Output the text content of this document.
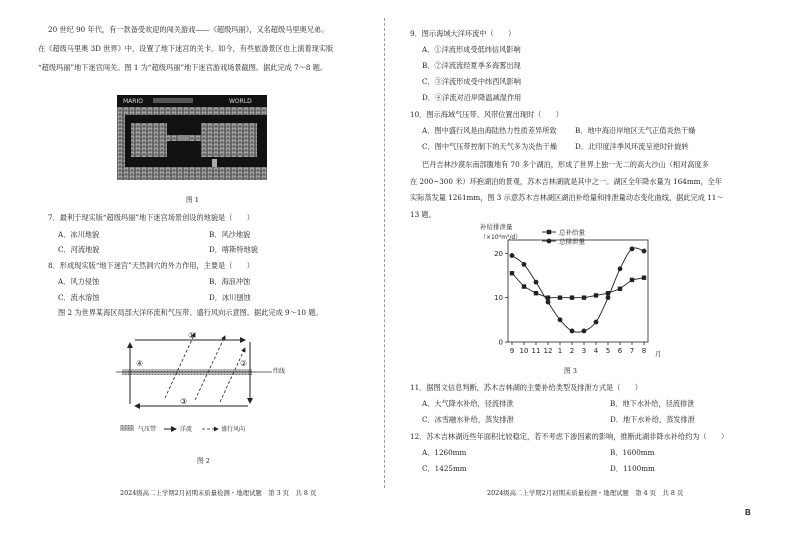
20 世纪 90 年代，有一款备受欢迎的闯关游戏——《超级玛丽》，又名超级马里奥兄弟。
在《超级马里奥 3D 世界》中，设置了地下迷宫的关卡。如今，有些旅游景区也上演着现实版
“超级玛丽”地下迷宫闯关。图 1 为“超级玛丽”地下迷宫游戏场景截图。据此完成 7～8 题。
MARIO	WORLD
图 1
7．最利于现实版“超级玛丽”地下迷宫场景创设的地貌是（　　）
A．冰川地貌	B．风沙地貌
C．河流地貌	D．喀斯特地貌
8．形成现实版“地下迷宫”天然洞穴的外力作用，主要是（　　）
A．风力侵蚀	B．海浪冲蚀
C．流水溶蚀	D．冰川刨蚀
图 2 为世界某海区局部大洋环流和气压带、盛行风向示意图。据此完成 9～10 题。
纬线
①
②
③
④
气压带	洋流	盛行风向
图 2
2024级高二上学期2月初期末质量检测・地理试题　第 3 页　共 8 页
9．图示海域大洋环流中（　　）
A．①洋流形成受低纬信风影响
B．②洋流流经夏季多海雾出现
C．③洋流形成受中纬西风影响
D．④洋流对沿岸降温减湿作用
10．图示海域气压带、风带位置出现时（　　）
A．图中盛行风是由海陆热力性质差异所致	B．地中海沿岸地区天气正值炎热干燥
C．图中气压带控制下的天气多为炎热干燥	D．北印度洋季风环流呈逆时针旋转
巴丹吉林沙漠东南部腹地有 70 多个湖泊，形成了世界上独一无二的高大沙山（相对高度多
在 200~300 米）环抱湖泊的景观，苏木吉林湖就是其中之一。湖区全年降水量为 164mm，全年
实际蒸发量 1261mm，图 3 示意苏木吉林湖区湖泊补给量和排泄量动态变化曲线，据此完成 11～
13 题。
补给排泄量
（×10⁴m³/d）
月
0
10
20
9 10 11 12 1 2 3 4 5 6 7 8
总补给量
总排泄量
图 3
11．据图文信息判断，苏木吉林湖的主要补给类型及排泄方式是（　　）
A．大气降水补给，径流排泄	B．地下水补给，径流排泄
C．冰雪融水补给，蒸发排泄	D．地下水补给，蒸发排泄
12．苏木吉林湖近些年面积比较稳定，若不考虑下渗因素的影响，推断此湖非降水补给约为（　　）
A．1260mm	B．1600mm
C．1425mm	D．1100mm
2024级高二上学期2月初期末质量检测・地理试题　第 4 页　共 8 页
B
